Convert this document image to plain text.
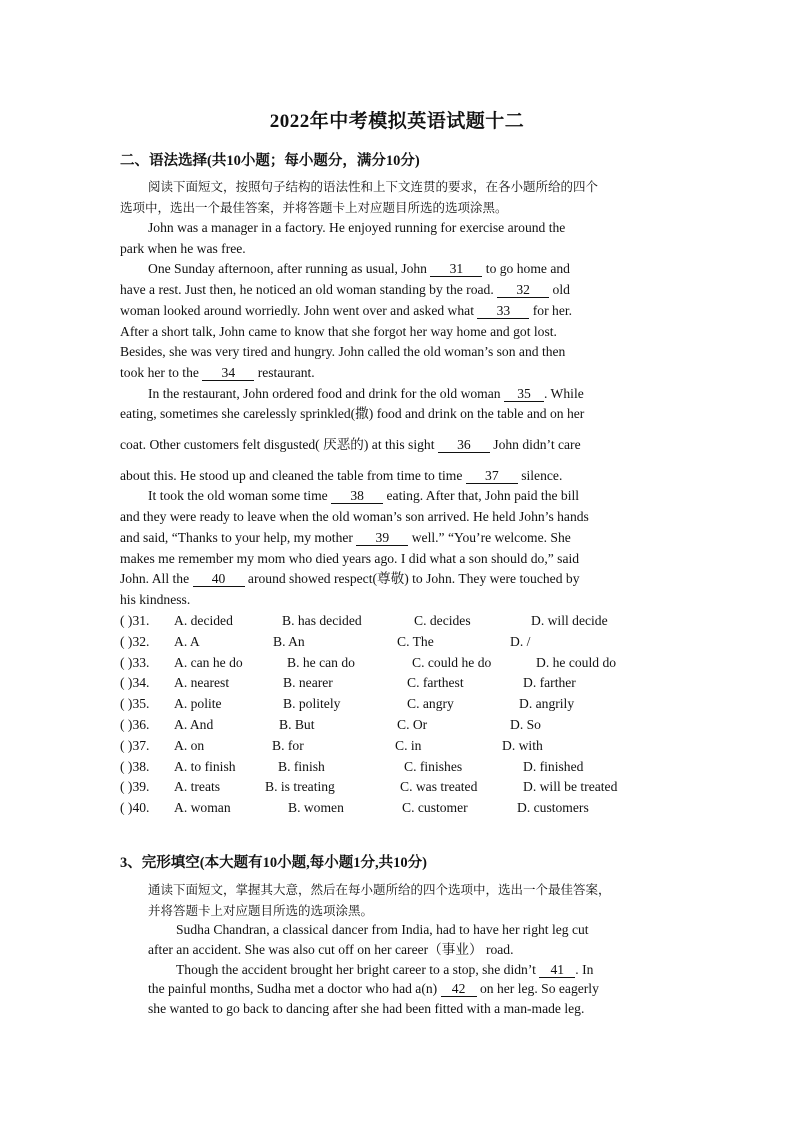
2022年中考模拟英语试题十二
二、语法选择(共10小题；每小题分，满分10分)
阅读下面短文，按照句子结构的语法性和上下文连贯的要求，在各小题所给的四个
选项中，选出一个最佳答案，并将答题卡上对应题目所选的选项涂黑。
John was a manager in a factory. He enjoyed running for exercise around the
park when he was free.
One Sunday afternoon, after running as usual, John 31 to go home and
have a rest. Just then, he noticed an old woman standing by the road. 32 old
woman looked around worriedly. John went over and asked what 33 for her.
After a short talk, John came to know that she forgot her way home and got lost.
Besides, she was very tired and hungry. John called the old woman’s son and then
took her to the 34 restaurant.
In the restaurant, John ordered food and drink for the old woman 35 . While
eating, sometimes she carelessly sprinkled(撒) food and drink on the table and on her
coat. Other customers felt disgusted( 厌恶的) at this sight 36 John didn’t care
about this. He stood up and cleaned the table from time to time 37 silence.
It took the old woman some time 38 eating. After that, John paid the bill
and they were ready to leave when the old woman’s son arrived. He held John’s hands
and said, “Thanks to your help, my mother 39 well.” “You’re welcome. She
makes me remember my mom who died years ago. I did what a son should do,” said
John. All the 40 around showed respect(尊敬) to John. They were touched by
his kindness.
( )31. A. decided	B. has decided	C. decides	D. will decide
( )32. A. A	B. An	C. The	D. /
( )33. A. can he do	B. he can do	C. could he do	D. he could do
( )34. A. nearest	B. nearer	C. farthest	D. farther
( )35. A. polite	B. politely	C. angry	D. angrily
( )36. A. And	B. But	C. Or	D. So
( )37. A. on	B. for	C. in	D. with
( )38. A. to finish	B. finish	C. finishes	D. finished
( )39. A. treats	B. is treating	C. was treated	D. will be treated
( )40. A. woman	B. women	C. customer	D. customers
3、完形填空(本大题有10小题,每小题1分,共10分)
通读下面短文，掌握其大意，然后在每小题所给的四个选项中，选出一个最佳答案，
并将答题卡上对应题目所选的选项涂黑。
Sudha Chandran, a classical dancer from India, had to have her right leg cut
after an accident. She was also cut off on her career（事业） road.
Though the accident brought her bright career to a stop, she didn’t 41 . In
the painful months, Sudha met a doctor who had a(n) 42 on her leg. So eagerly
she wanted to go back to dancing after she had been fitted with a man-made leg.
